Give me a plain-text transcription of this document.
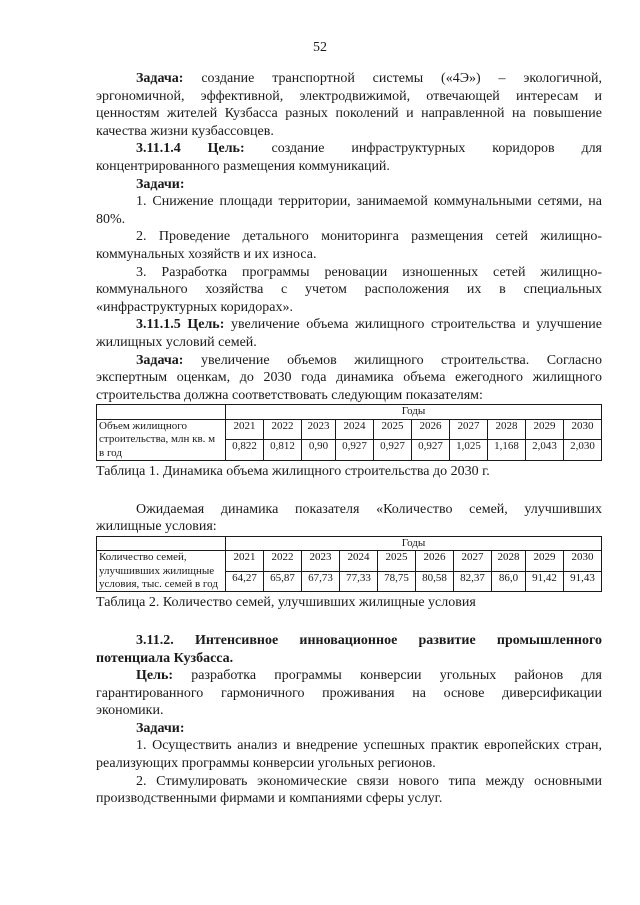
52

Задача: создание транспортной системы («4Э») – экологичной, эргономичной, эффективной, электродвижимой, отвечающей интересам и ценностям жителей Кузбасса разных поколений и направленной на повышение качества жизни кузбассовцев.

3.11.1.4 Цель: создание инфраструктурных коридоров для концентрированного размещения коммуникаций.

Задачи:

1. Снижение площади территории, занимаемой коммунальными сетями, на 80%.

2. Проведение детального мониторинга размещения сетей жилищно-коммунальных хозяйств и их износа.

3. Разработка программы реновации изношенных сетей жилищно-коммунального хозяйства с учетом расположения их в специальных «инфраструктурных коридорах».

3.11.1.5 Цель: увеличение объема жилищного строительства и улучшение жилищных условий семей.

Задача: увеличение объемов жилищного строительства. Согласно экспертным оценкам, до 2030 года динамика объема ежегодного жилищного строительства должна соответствовать следующим показателям:

	Годы									
Объем жилищного строительства, млн кв. м в год	2021	2022	2023	2024	2025	2026	2027	2028	2029	2030
	0,822	0,812	0,90	0,927	0,927	0,927	1,025	1,168	2,043	2,030

Таблица 1. Динамика объема жилищного строительства до 2030 г.

Ожидаемая динамика показателя «Количество семей, улучшивших жилищные условия:

	Годы									
Количество семей, улучшивших жилищные условия, тыс. семей в год	2021	2022	2023	2024	2025	2026	2027	2028	2029	2030
	64,27	65,87	67,73	77,33	78,75	80,58	82,37	86,0	91,42	91,43

Таблица 2. Количество семей, улучшивших жилищные условия

3.11.2. Интенсивное инновационное развитие промышленного потенциала Кузбасса.

Цель: разработка программы конверсии угольных районов для гарантированного гармоничного проживания на основе диверсификации экономики.

Задачи:

1. Осуществить анализ и внедрение успешных практик европейских стран, реализующих программы конверсии угольных регионов.

2. Стимулировать экономические связи нового типа между основными производственными фирмами и компаниями сферы услуг.
